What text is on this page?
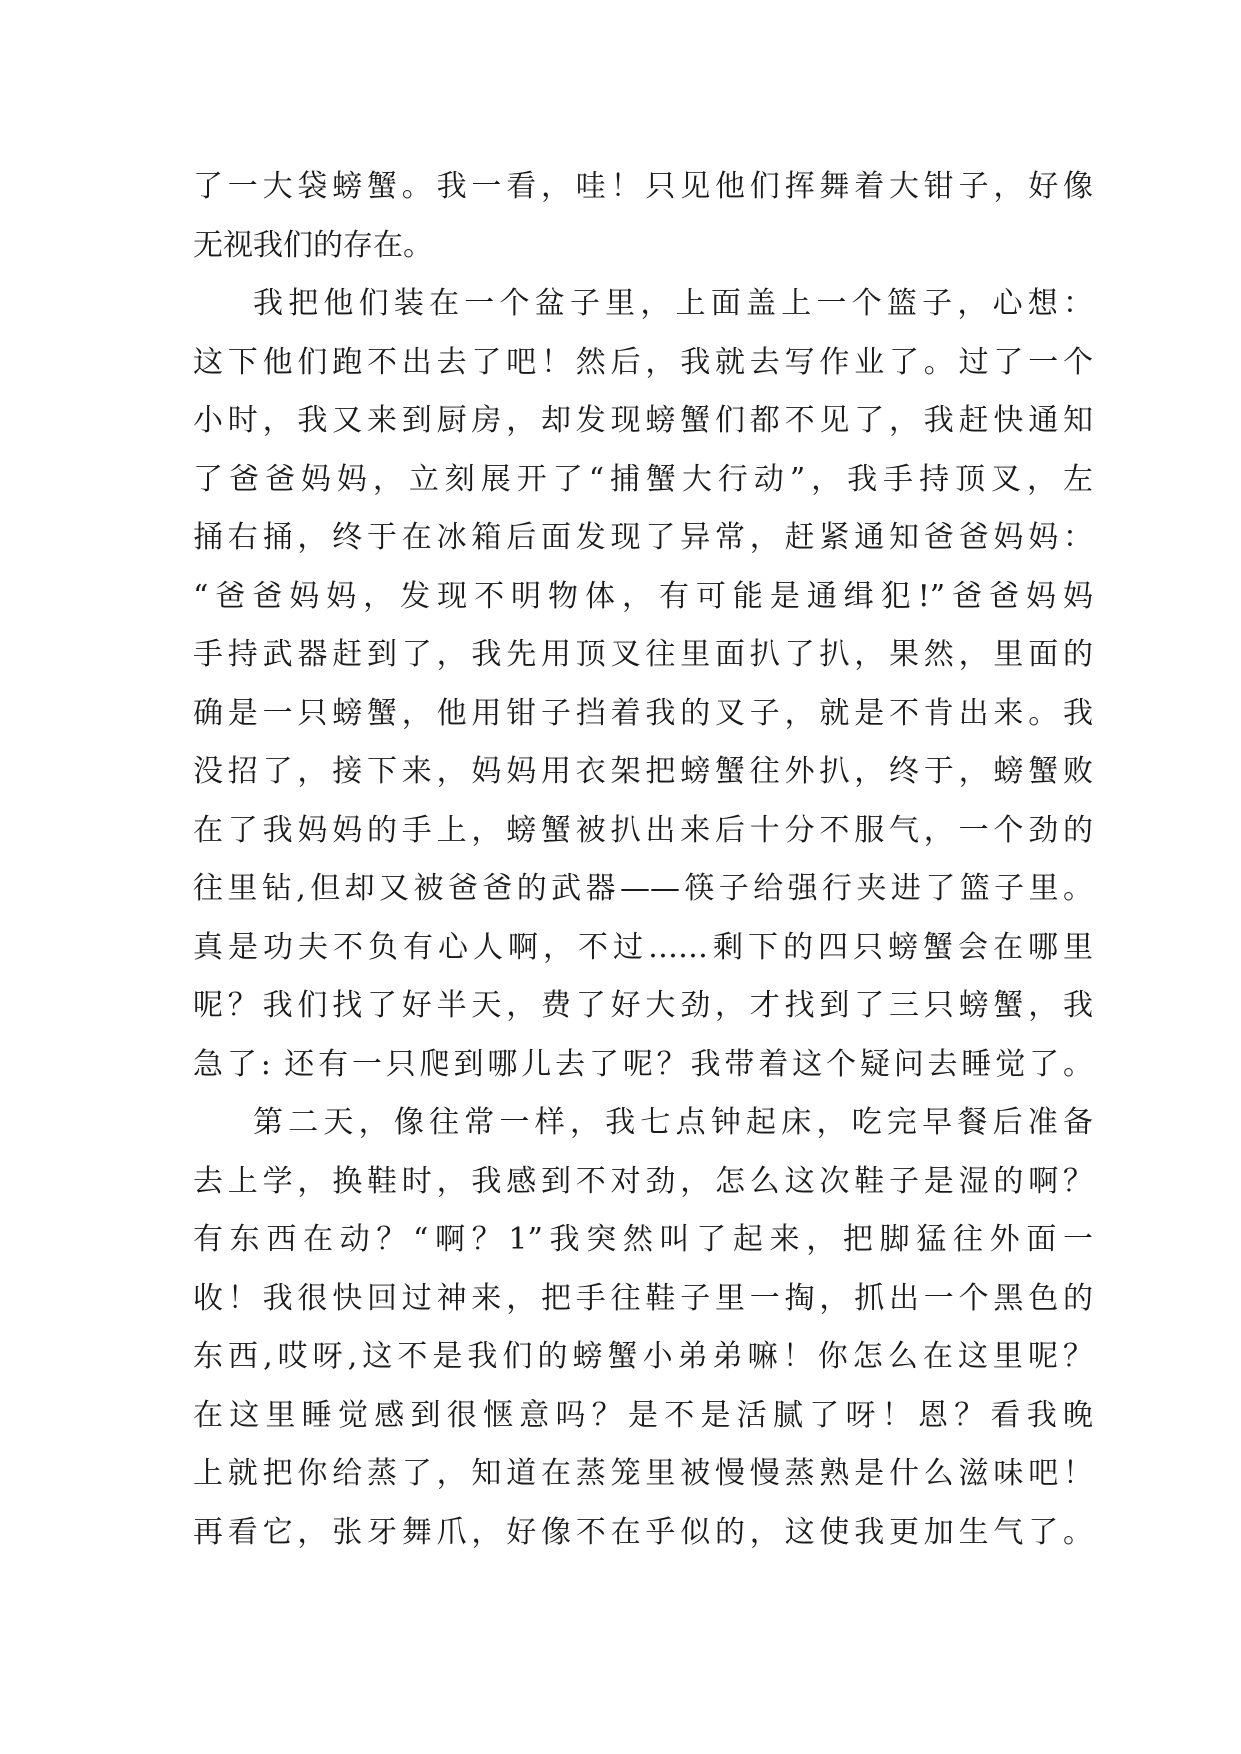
了一大袋螃蟹。我一看，哇！只见他们挥舞着大钳子，好像
无视我们的存在。
我把他们装在一个盆子里，上面盖上一个篮子，心想：
这下他们跑不出去了吧！然后，我就去写作业了。过了一个
小时，我又来到厨房，却发现螃蟹们都不见了，我赶快通知
了爸爸妈妈，立刻展开了“捕蟹大行动”，我手持顶叉，左
捅右捅，终于在冰箱后面发现了异常，赶紧通知爸爸妈妈：
“爸爸妈妈，发现不明物体，有可能是通缉犯!”爸爸妈妈
手持武器赶到了，我先用顶叉往里面扒了扒，果然，里面的
确是一只螃蟹，他用钳子挡着我的叉子，就是不肯出来。我
没招了，接下来，妈妈用衣架把螃蟹往外扒，终于，螃蟹败
在了我妈妈的手上，螃蟹被扒出来后十分不服气，一个劲的
往里钻,但却又被爸爸的武器——筷子给强行夹进了篮子里。
真是功夫不负有心人啊，不过……剩下的四只螃蟹会在哪里
呢？我们找了好半天，费了好大劲，才找到了三只螃蟹，我
急了: 还有一只爬到哪儿去了呢？我带着这个疑问去睡觉了。
第二天，像往常一样，我七点钟起床，吃完早餐后准备
去上学，换鞋时，我感到不对劲，怎么这次鞋子是湿的啊？
有东西在动？“啊？1”我突然叫了起来，把脚猛往外面一
收！我很快回过神来，把手往鞋子里一掏，抓出一个黑色的
东西,哎呀,这不是我们的螃蟹小弟弟嘛！你怎么在这里呢？
在这里睡觉感到很惬意吗？是不是活腻了呀！恩？看我晚
上就把你给蒸了，知道在蒸笼里被慢慢蒸熟是什么滋味吧！
再看它，张牙舞爪，好像不在乎似的，这使我更加生气了。
